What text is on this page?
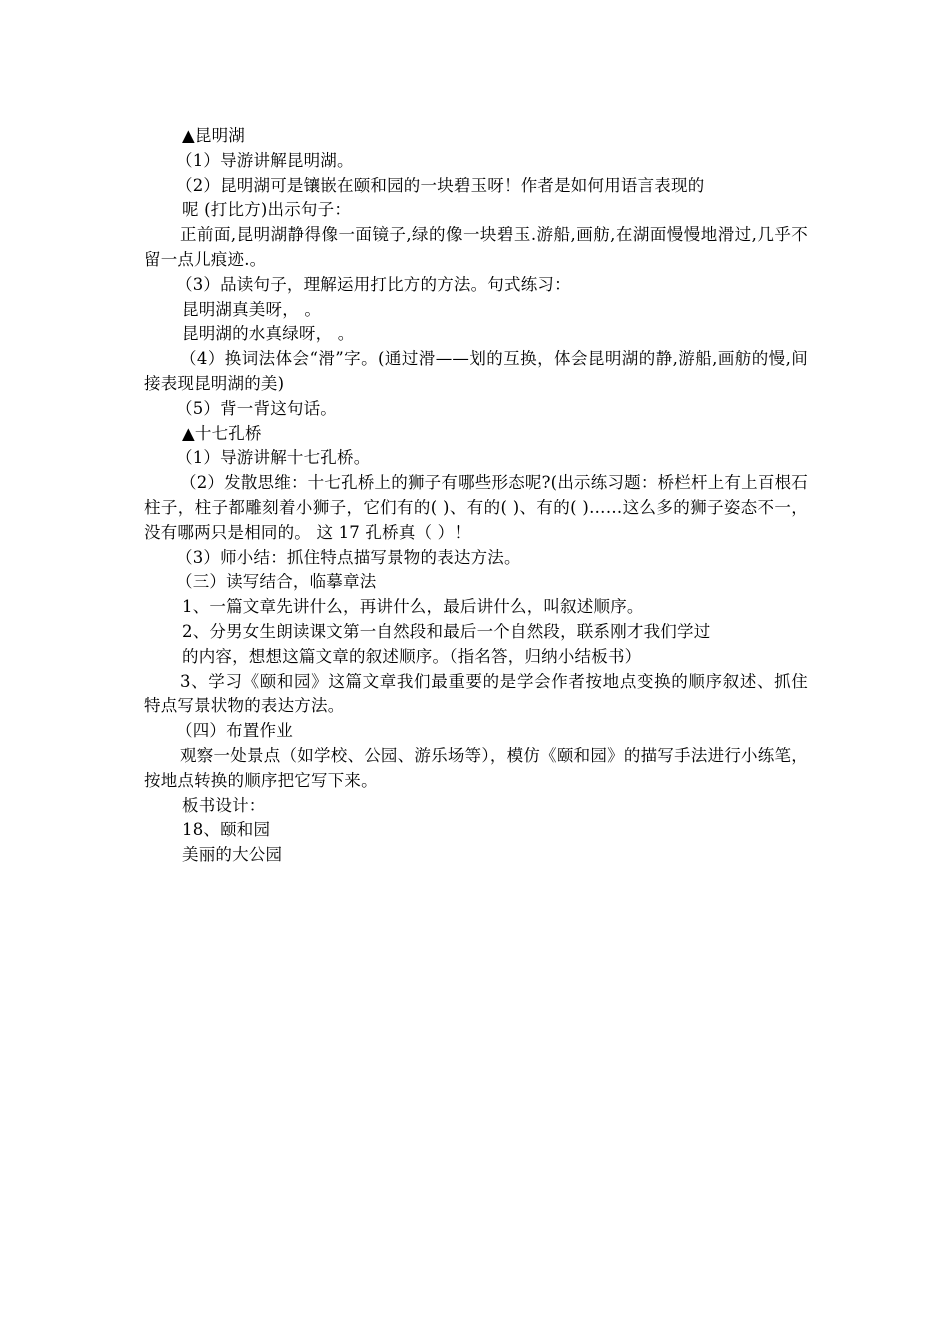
▲昆明湖
（1）导游讲解昆明湖。
（2）昆明湖可是镶嵌在颐和园的一块碧玉呀！作者是如何用语言表现的
呢 (打比方)出示句子：
正前面,昆明湖静得像一面镜子,绿的像一块碧玉.游船,画舫,在湖面慢慢地滑过,几乎不留一点儿痕迹.。
（3）品读句子，理解运用打比方的方法。句式练习：
昆明湖真美呀， 。
昆明湖的水真绿呀， 。
（4）换词法体会“滑”字。(通过滑——划的互换，体会昆明湖的静,游船,画舫的慢,间接表现昆明湖的美)
（5）背一背这句话。
▲十七孔桥
（1）导游讲解十七孔桥。
（2）发散思维：十七孔桥上的狮子有哪些形态呢?(出示练习题：桥栏杆上有上百根石柱子，柱子都雕刻着小狮子，它们有的( )、有的( )、有的( )……这么多的狮子姿态不一，没有哪两只是相同的。 这 17 孔桥真（ ）！
（3）师小结：抓住特点描写景物的表达方法。
（三）读写结合，临摹章法
1、一篇文章先讲什么，再讲什么，最后讲什么，叫叙述顺序。
2、分男女生朗读课文第一自然段和最后一个自然段，联系刚才我们学过
的内容，想想这篇文章的叙述顺序。（指名答，归纳小结板书）
3、学习《颐和园》这篇文章我们最重要的是学会作者按地点变换的顺序叙述、抓住特点写景状物的表达方法。
（四）布置作业
观察一处景点（如学校、公园、游乐场等），模仿《颐和园》的描写手法进行小练笔，按地点转换的顺序把它写下来。
板书设计：
18、颐和园
美丽的大公园
